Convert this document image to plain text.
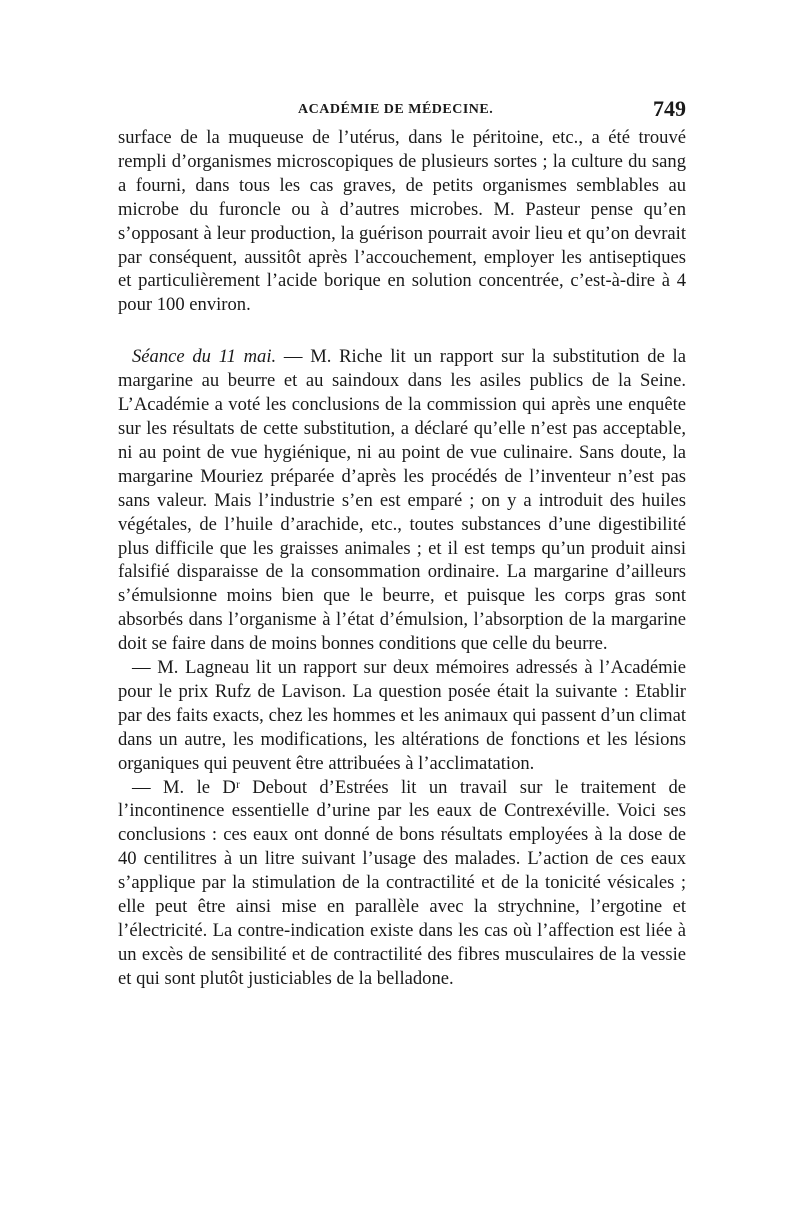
ACADÉMIE DE MÉDECINE.	749

surface de la muqueuse de l’utérus, dans le péritoine, etc., a été trouvé rempli d’organismes microscopiques de plusieurs sortes ; la culture du sang a fourni, dans tous les cas graves, de petits organismes semblables au microbe du furoncle ou à d’autres microbes. M. Pasteur pense qu’en s’opposant à leur production, la guérison pourrait avoir lieu et qu’on devrait par conséquent, aussitôt après l’accouchement, employer les antiseptiques et particulièrement l’acide borique en solution concentrée, c’est-à-dire à 4 pour 100 environ.

Séance du 11 mai. — M. Riche lit un rapport sur la substitution de la margarine au beurre et au saindoux dans les asiles publics de la Seine. L’Académie a voté les conclusions de la commission qui après une enquête sur les résultats de cette substitution, a déclaré qu’elle n’est pas acceptable, ni au point de vue hygiénique, ni au point de vue culinaire. Sans doute, la margarine Mouriez préparée d’après les procédés de l’inventeur n’est pas sans valeur. Mais l’industrie s’en est emparé ; on y a introduit des huiles végétales, de l’huile d’arachide, etc., toutes substances d’une digestibilité plus difficile que les graisses animales ; et il est temps qu’un produit ainsi falsifié disparaisse de la consommation ordinaire. La margarine d’ailleurs s’émulsionne moins bien que le beurre, et puisque les corps gras sont absorbés dans l’organisme à l’état d’émulsion, l’absorption de la margarine doit se faire dans de moins bonnes conditions que celle du beurre.

— M. Lagneau lit un rapport sur deux mémoires adressés à l’Académie pour le prix Rufz de Lavison. La question posée était la suivante : Etablir par des faits exacts, chez les hommes et les animaux qui passent d’un climat dans un autre, les modifications, les altérations de fonctions et les lésions organiques qui peuvent être attribuées à l’acclimatation.

— M. le Dʳ Debout d’Estrées lit un travail sur le traitement de l’incontinence essentielle d’urine par les eaux de Contrexéville. Voici ses conclusions : ces eaux ont donné de bons résultats employées à la dose de 40 centilitres à un litre suivant l’usage des malades. L’action de ces eaux s’applique par la stimulation de la contractilité et de la tonicité vésicales ; elle peut être ainsi mise en parallèle avec la strychnine, l’ergotine et l’électricité. La contre-indication existe dans les cas où l’affection est liée à un excès de sensibilité et de contractilité des fibres musculaires de la vessie et qui sont plutôt justiciables de la belladone.
